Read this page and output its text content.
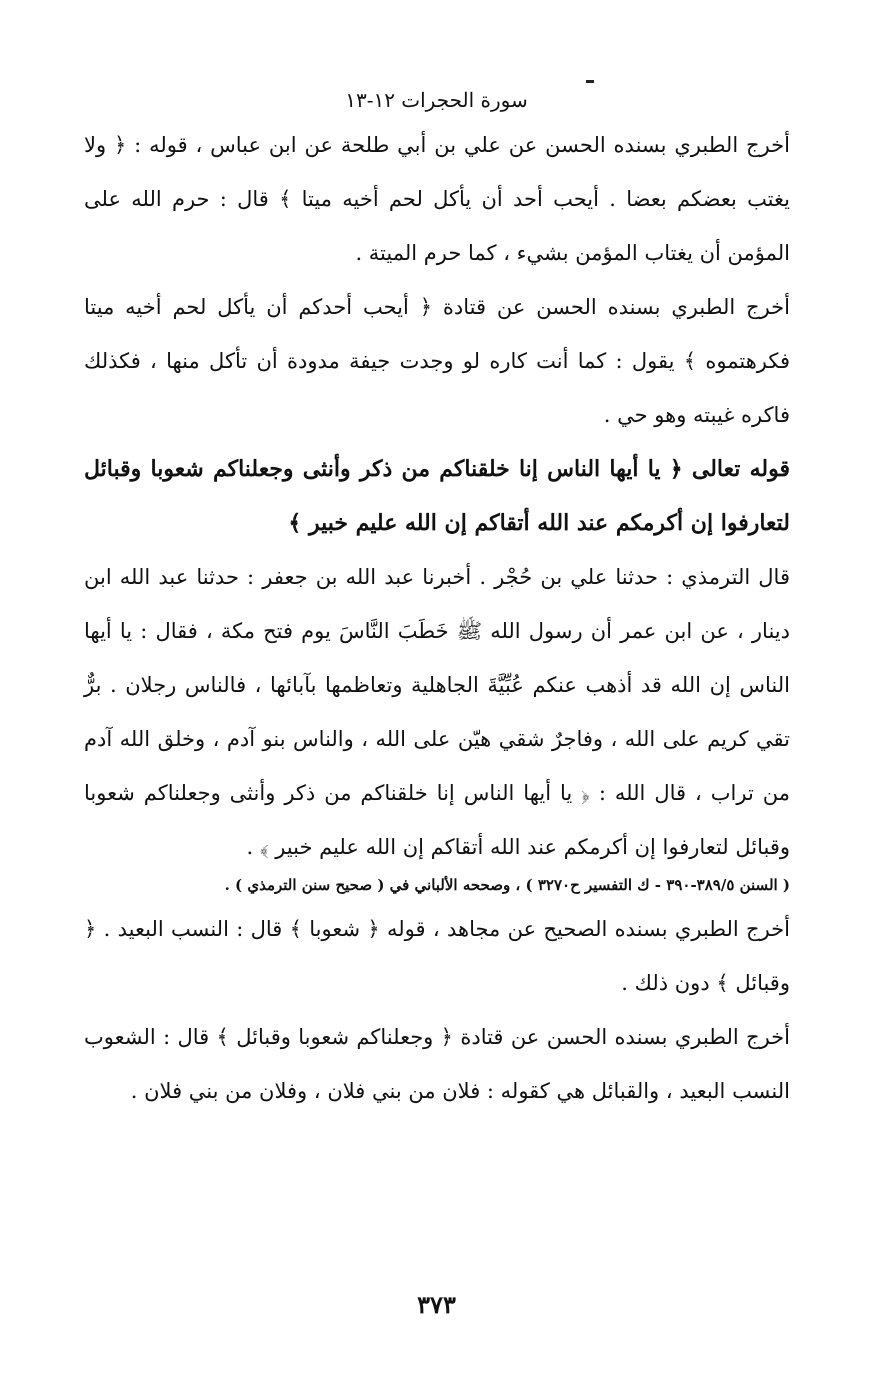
سورة الحجرات ١٢-١٣

أخرج الطبري بسنده الحسن عن علي بن أبي طلحة عن ابن عباس ، قوله : ﴿ ولا يغتب بعضكم بعضا . أيحب أحد أن يأكل لحم أخيه ميتا ﴾ قال : حرم الله على المؤمن أن يغتاب المؤمن بشيء ، كما حرم الميتة .

أخرج الطبري بسنده الحسن عن قتادة ﴿ أيحب أحدكم أن يأكل لحم أخيه ميتا فكرهتموه ﴾ يقول : كما أنت كاره لو وجدت جيفة مدودة أن تأكل منها ، فكذلك فاكره غيبته وهو حي .

قوله تعالى ﴿ يا أيها الناس إنا خلقناكم من ذكر وأنثى وجعلناكم شعوبا وقبائل لتعارفوا إن أكرمكم عند الله أتقاكم إن الله عليم خبير ﴾

قال الترمذي : حدثنا علي بن حُجْر . أخبرنا عبد الله بن جعفر : حدثنا عبد الله ابن دينار ، عن ابن عمر أن رسول الله ﷺ خَطَبَ النَّاسَ يوم فتح مكة ، فقال : يا أيها الناس إن الله قد أذهب عنكم عُبِّيَّةَ الجاهلية وتعاظمها بآبائها ، فالناس رجلان . برٌّ تقي كريم على الله ، وفاجرٌ شقي هيّن على الله ، والناس بنو آدم ، وخلق الله آدم من تراب ، قال الله : ﴿ يا أيها الناس إنا خلقناكم من ذكر وأنثى وجعلناكم شعوبا وقبائل لتعارفوا إن أكرمكم عند الله أتقاكم إن الله عليم خبير ﴾ .

( السنن ٣٨٩/٥-٣٩٠ - ك التفسير ح٣٢٧٠ ) ، وصححه الألباني في ( صحيح سنن الترمذي ) .

أخرج الطبري بسنده الصحيح عن مجاهد ، قوله ﴿ شعوبا ﴾ قال : النسب البعيد . ﴿ وقبائل ﴾ دون ذلك .

أخرج الطبري بسنده الحسن عن قتادة ﴿ وجعلناكم شعوبا وقبائل ﴾ قال : الشعوب النسب البعيد ، والقبائل هي كقوله : فلان من بني فلان ، وفلان من بني فلان .

٣٧٣
